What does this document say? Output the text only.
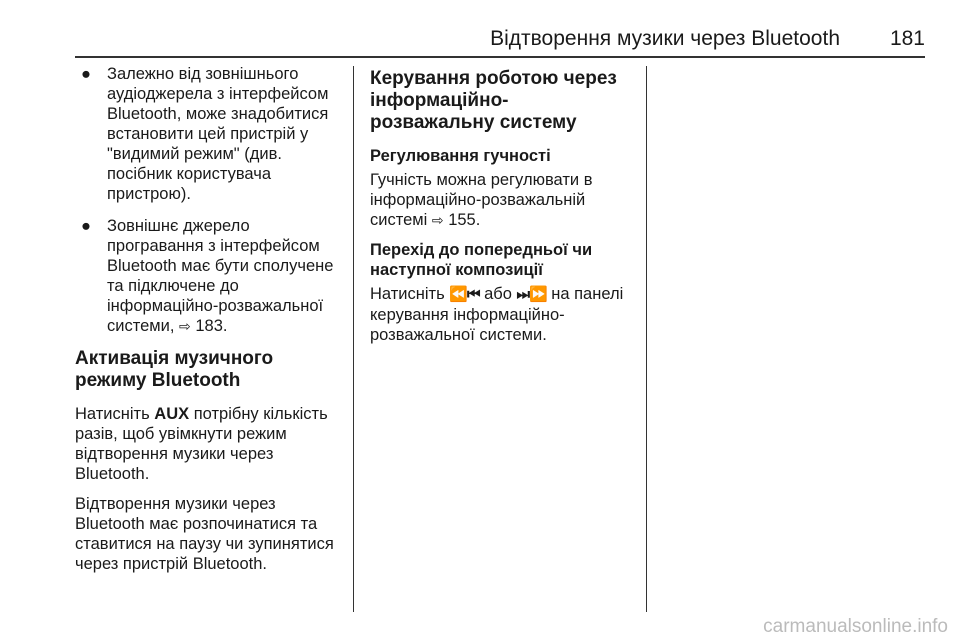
Відтворення музики через Bluetooth 181
● Залежно від зовнішнього аудіоджерела з інтерфейсом Bluetooth, може знадобитися встановити цей пристрій у "видимий режим" (див. посібник користувача пристрою).
● Зовнішнє джерело програвання з інтерфейсом Bluetooth має бути сполучене та підключене до інформаційно-розважальної системи, ⇨ 183.
Активація музичного режиму Bluetooth

Натисніть AUX потрібну кількість разів, щоб увімкнути режим відтворення музики через Bluetooth.

Відтворення музики через Bluetooth має розпочинатися та ставитися на паузу чи зупинятися через пристрій Bluetooth.

Керування роботою через інформаційно-розважальну систему
Регулювання гучності

Гучність можна регулювати в інформаційно-розважальній системі ⇨ 155.

Перехід до попередньої чи наступної композиції

Натисніть ⏪⏮ або ⏭⏩ на панелі керування інформаційно-розважальної системи.

carmanualsonline.info
